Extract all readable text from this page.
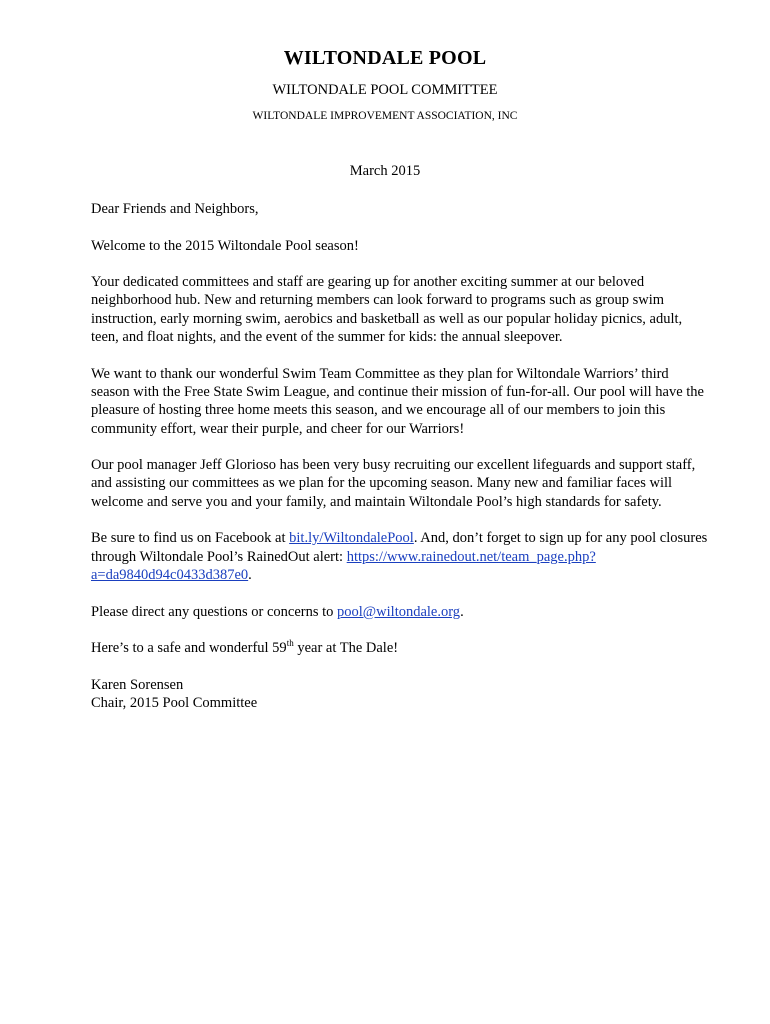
WILTONDALE POOL
WILTONDALE POOL COMMITTEE
WILTONDALE IMPROVEMENT ASSOCIATION, INC
March 2015

Dear Friends and Neighbors,

Welcome to the 2015 Wiltondale Pool season!

Your dedicated committees and staff are gearing up for another exciting summer at our beloved neighborhood hub. New and returning members can look forward to programs such as group swim instruction, early morning swim, aerobics and basketball as well as our popular holiday picnics, adult, teen, and float nights, and the event of the summer for kids: the annual sleepover.

We want to thank our wonderful Swim Team Committee as they plan for Wiltondale Warriors’ third season with the Free State Swim League, and continue their mission of fun-for-all. Our pool will have the pleasure of hosting three home meets this season, and we encourage all of our members to join this community effort, wear their purple, and cheer for our Warriors!

Our pool manager Jeff Glorioso has been very busy recruiting our excellent lifeguards and support staff, and assisting our committees as we plan for the upcoming season. Many new and familiar faces will welcome and serve you and your family, and maintain Wiltondale Pool’s high standards for safety.

Be sure to find us on Facebook at bit.ly/WiltondalePool. And, don’t forget to sign up for any pool closures through Wiltondale Pool’s RainedOut alert: https://www.rainedout.net/team_page.php?a=da9840d94c0433d387e0.

Please direct any questions or concerns to pool@wiltondale.org.

Here’s to a safe and wonderful 59th year at The Dale!

Karen Sorensen

Chair, 2015 Pool Committee
